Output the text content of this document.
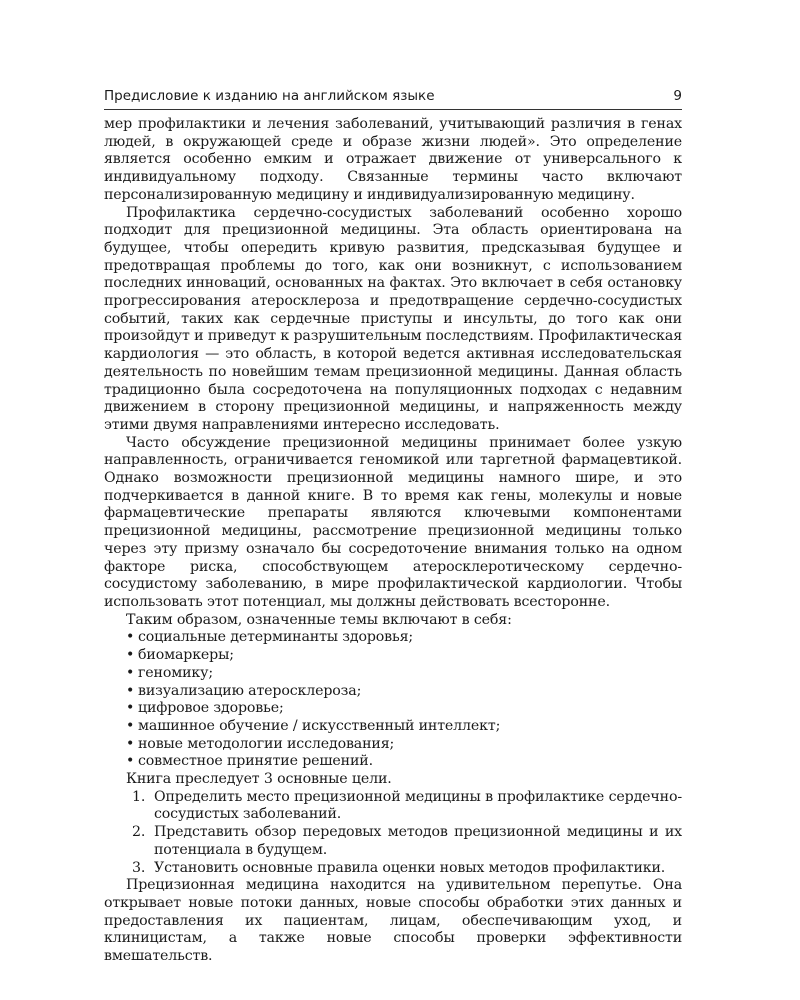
Предисловие к изданию на английском языке	9

мер профилактики и лечения заболеваний, учитывающий различия в генах людей, в окружающей среде и образе жизни людей». Это определение является особенно емким и отражает движение от универсального к индивидуальному подходу. Связанные термины часто включают персонализированную медицину и индивидуализированную медицину.

Профилактика сердечно-сосудистых заболеваний особенно хорошо подходит для прецизионной медицины. Эта область ориентирована на будущее, чтобы опередить кривую развития, предсказывая будущее и предотвращая проблемы до того, как они возникнут, с использованием последних инноваций, основанных на фактах. Это включает в себя остановку прогрессирования атеросклероза и предотвращение сердечно-сосудистых событий, таких как сердечные приступы и инсульты, до того как они произойдут и приведут к разрушительным последствиям. Профилактическая кардиология — это область, в которой ведется активная исследовательская деятельность по новейшим темам прецизионной медицины. Данная область традиционно была сосредоточена на популяционных подходах с недавним движением в сторону прецизионной медицины, и напряженность между этими двумя направлениями интересно исследовать.

Часто обсуждение прецизионной медицины принимает более узкую направленность, ограничивается геномикой или таргетной фармацевтикой. Однако возможности прецизионной медицины намного шире, и это подчеркивается в данной книге. В то время как гены, молекулы и новые фармацевтические препараты являются ключевыми компонентами прецизионной медицины, рассмотрение прецизионной медицины только через эту призму означало бы сосредоточение внимания только на одном факторе риска, способствующем атеросклеротическому сердечно-сосудистому заболеванию, в мире профилактической кардиологии. Чтобы использовать этот потенциал, мы должны действовать всесторонне.

Таким образом, означенные темы включают в себя:

• социальные детерминанты здоровья;
• биомаркеры;
• геномику;
• визуализацию атеросклероза;
• цифровое здоровье;
• машинное обучение / искусственный интеллект;
• новые методологии исследования;
• совместное принятие решений.

Книга преследует 3 основные цели.

1. Определить место прецизионной медицины в профилактике сердечно-сосудистых заболеваний.
2. Представить обзор передовых методов прецизионной медицины и их потенциала в будущем.
3. Установить основные правила оценки новых методов профилактики.

Прецизионная медицина находится на удивительном перепутье. Она открывает новые потоки данных, новые способы обработки этих данных и предоставления их пациентам, лицам, обеспечивающим уход, и клиницистам, а также новые способы проверки эффективности вмешательств.
